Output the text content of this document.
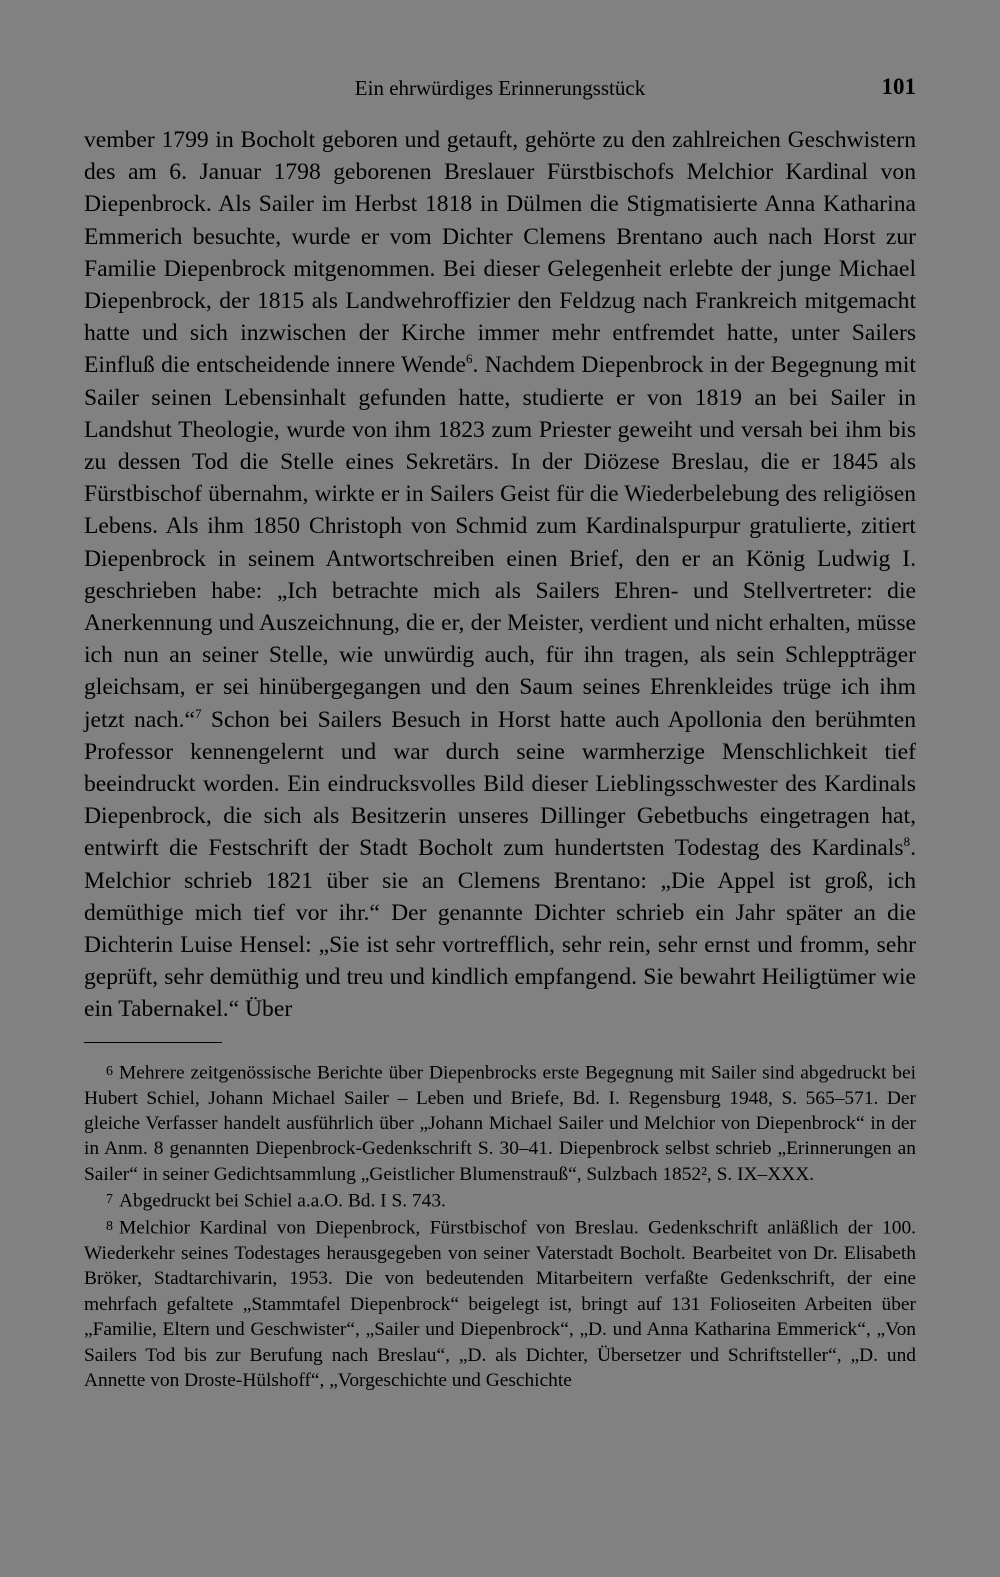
Ein ehrwürdiges Erinnerungsstück	101

vember 1799 in Bocholt geboren und getauft, gehörte zu den zahlreichen Geschwistern des am 6. Januar 1798 geborenen Breslauer Fürstbischofs Melchior Kardinal von Diepenbrock. Als Sailer im Herbst 1818 in Dülmen die Stigmatisierte Anna Katharina Emmerich besuchte, wurde er vom Dichter Clemens Brentano auch nach Horst zur Familie Diepenbrock mitgenommen. Bei dieser Gelegenheit erlebte der junge Michael Diepenbrock, der 1815 als Landwehroffizier den Feldzug nach Frankreich mitgemacht hatte und sich inzwischen der Kirche immer mehr entfremdet hatte, unter Sailers Einfluß die entscheidende innere Wende$^6$. Nachdem Diepenbrock in der Begegnung mit Sailer seinen Lebensinhalt gefunden hatte, studierte er von 1819 an bei Sailer in Landshut Theologie, wurde von ihm 1823 zum Priester geweiht und versah bei ihm bis zu dessen Tod die Stelle eines Sekretärs. In der Diözese Breslau, die er 1845 als Fürstbischof übernahm, wirkte er in Sailers Geist für die Wiederbelebung des religiösen Lebens. Als ihm 1850 Christoph von Schmid zum Kardinalspurpur gratulierte, zitiert Diepenbrock in seinem Antwortschreiben einen Brief, den er an König Ludwig I. geschrieben habe: „Ich betrachte mich als Sailers Ehren- und Stellvertreter: die Anerkennung und Auszeichnung, die er, der Meister, verdient und nicht erhalten, müsse ich nun an seiner Stelle, wie unwürdig auch, für ihn tragen, als sein Schleppträger gleichsam, er sei hinübergegangen und den Saum seines Ehrenkleides trüge ich ihm jetzt nach.“$^7$ Schon bei Sailers Besuch in Horst hatte auch Apollonia den berühmten Professor kennengelernt und war durch seine warmherzige Menschlichkeit tief beeindruckt worden. Ein eindrucksvolles Bild dieser Lieblingsschwester des Kardinals Diepenbrock, die sich als Besitzerin unseres Dillinger Gebetbuchs eingetragen hat, entwirft die Festschrift der Stadt Bocholt zum hundertsten Todestag des Kardinals$^8$. Melchior schrieb 1821 über sie an Clemens Brentano: „Die Appel ist groß, ich demüthige mich tief vor ihr.“ Der genannte Dichter schrieb ein Jahr später an die Dichterin Luise Hensel: „Sie ist sehr vortrefflich, sehr rein, sehr ernst und fromm, sehr geprüft, sehr demüthig und treu und kindlich empfangend. Sie bewahrt Heiligtümer wie ein Tabernakel.“ Über

6 Mehrere zeitgenössische Berichte über Diepenbrocks erste Begegnung mit Sailer sind abgedruckt bei Hubert Schiel, Johann Michael Sailer – Leben und Briefe, Bd. I. Regensburg 1948, S. 565–571. Der gleiche Verfasser handelt ausführlich über „Johann Michael Sailer und Melchior von Diepenbrock“ in der in Anm. 8 genannten Diepenbrock-Gedenkschrift S. 30–41. Diepenbrock selbst schrieb „Erinnerungen an Sailer“ in seiner Gedichtsammlung „Geistlicher Blumenstrauß“, Sulzbach 1852², S. IX–XXX.

7 Abgedruckt bei Schiel a.a.O. Bd. I S. 743.

8 Melchior Kardinal von Diepenbrock, Fürstbischof von Breslau. Gedenkschrift anläßlich der 100. Wiederkehr seines Todestages herausgegeben von seiner Vaterstadt Bocholt. Bearbeitet von Dr. Elisabeth Bröker, Stadtarchivarin, 1953. Die von bedeutenden Mitarbeitern verfaßte Gedenkschrift, der eine mehrfach gefaltete „Stammtafel Diepenbrock“ beigelegt ist, bringt auf 131 Folioseiten Arbeiten über „Familie, Eltern und Geschwister“, „Sailer und Diepenbrock“, „D. und Anna Katharina Emmerick“, „Von Sailers Tod bis zur Berufung nach Breslau“, „D. als Dichter, Übersetzer und Schriftsteller“, „D. und Annette von Droste-Hülshoff“, „Vorgeschichte und Geschichte
